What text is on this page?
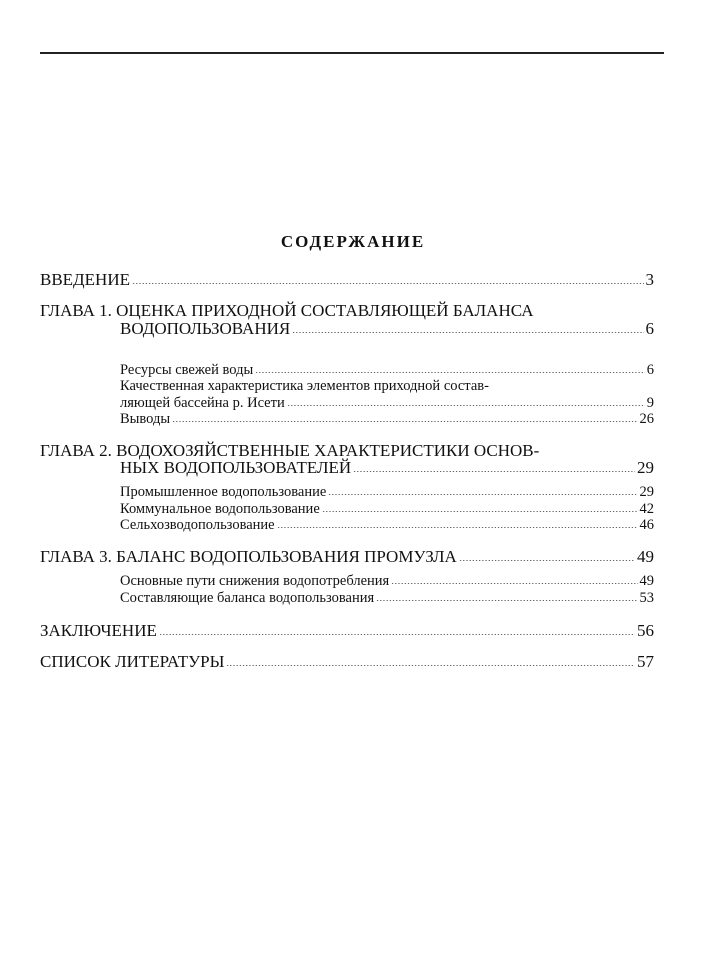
СОДЕРЖАНИЕ
ВВЕДЕНИЕ	3
ГЛАВА 1. ОЦЕНКА ПРИХОДНОЙ СОСТАВЛЯЮЩЕЙ БАЛАНСА
ВОДОПОЛЬЗОВАНИЯ	6
Ресурсы свежей воды	6
Качественная характеристика элементов приходной состав-
ляющей бассейна р. Исети	9
Выводы	26
ГЛАВА 2. ВОДОХОЗЯЙСТВЕННЫЕ ХАРАКТЕРИСТИКИ ОСНОВ-
НЫХ ВОДОПОЛЬЗОВАТЕЛЕЙ	29
Промышленное водопользование	29
Коммунальное водопользование	42
Сельхозводопользование	46
ГЛАВА 3. БАЛАНС ВОДОПОЛЬЗОВАНИЯ ПРОМУЗЛА	49
Основные пути снижения водопотребления	49
Составляющие баланса водопользования	53
ЗАКЛЮЧЕНИЕ	56
СПИСОК ЛИТЕРАТУРЫ	57
